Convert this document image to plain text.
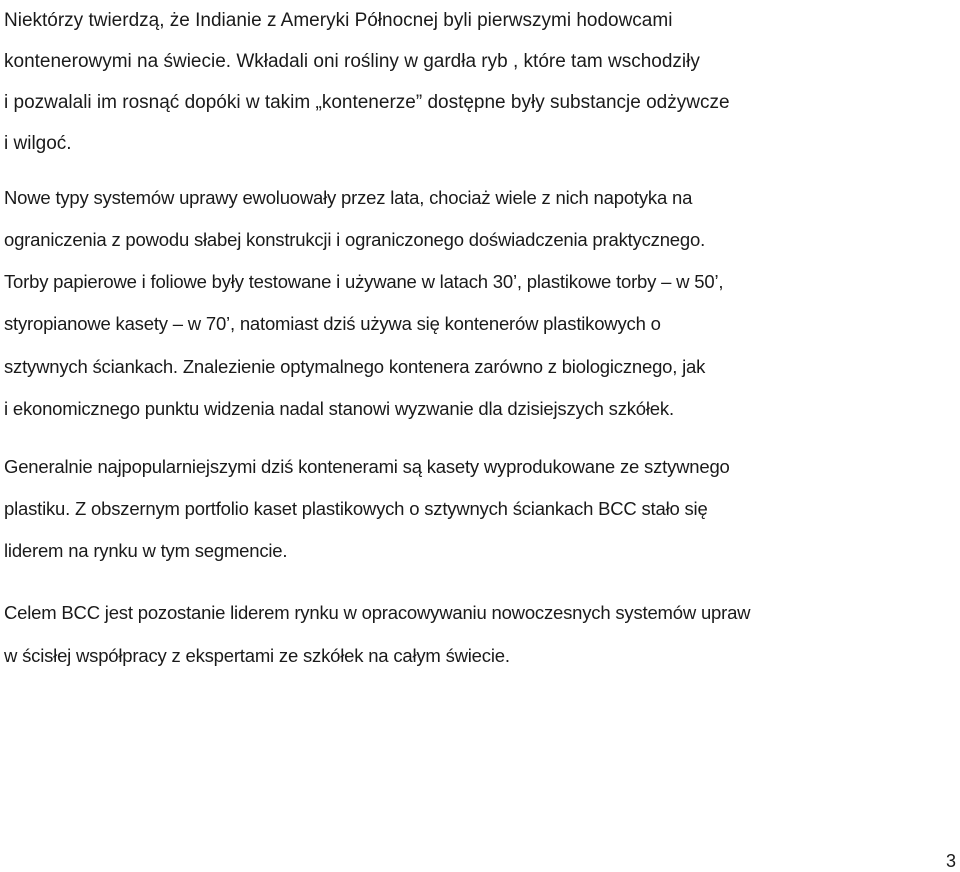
Niektórzy twierdzą, że Indianie z Ameryki Północnej byli pierwszymi hodowcami
kontenerowymi na świecie. Wkładali oni rośliny w gardła ryb , które tam wschodziły
i pozwalali im rosnąć dopóki w takim „kontenerze” dostępne były substancje odżywcze
i wilgoć.

Nowe typy systemów uprawy ewoluowały przez lata, chociaż wiele z nich napotyka na
ograniczenia z powodu słabej konstrukcji i ograniczonego doświadczenia praktycznego.

Torby papierowe i foliowe były testowane i używane w latach 30’, plastikowe torby – w 50’,
styropianowe kasety – w 70’, natomiast dziś używa się kontenerów plastikowych o
sztywnych ściankach. Znalezienie optymalnego kontenera zarówno z biologicznego, jak
i ekonomicznego punktu widzenia nadal stanowi wyzwanie dla dzisiejszych szkółek.

Generalnie najpopularniejszymi dziś kontenerami są kasety wyprodukowane ze sztywnego
plastiku. Z obszernym portfolio kaset plastikowych o sztywnych ściankach BCC stało się
liderem na rynku w tym segmencie.

Celem BCC jest pozostanie liderem rynku w opracowywaniu nowoczesnych systemów upraw
w ścisłej współpracy z ekspertami ze szkółek na całym świecie.

3
